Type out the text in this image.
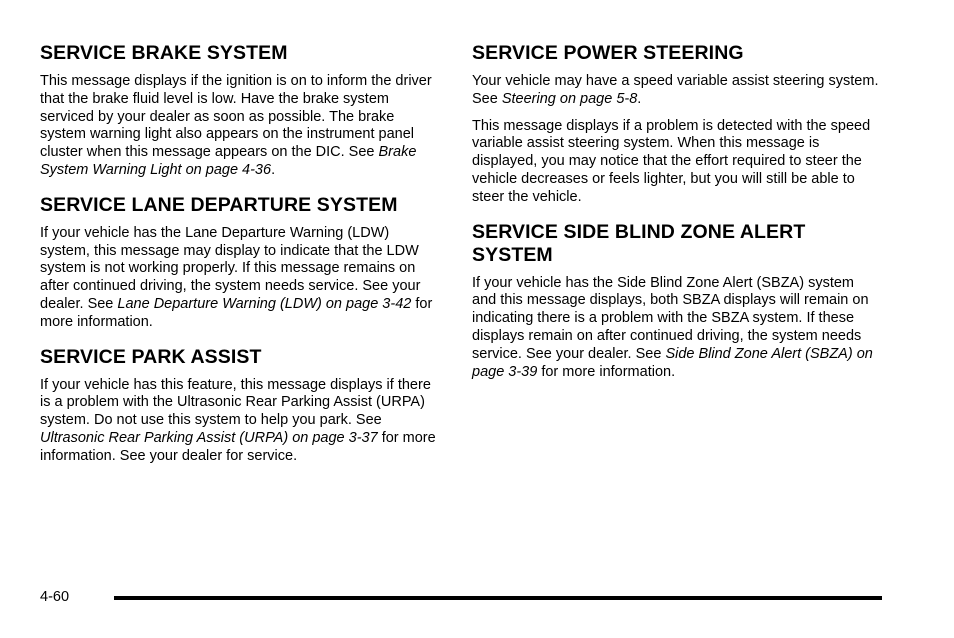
SERVICE BRAKE SYSTEM

This message displays if the ignition is on to inform the driver that the brake fluid level is low. Have the brake system serviced by your dealer as soon as possible. The brake system warning light also appears on the instrument panel cluster when this message appears on the DIC. See Brake System Warning Light on page 4-36.

SERVICE LANE DEPARTURE SYSTEM

If your vehicle has the Lane Departure Warning (LDW) system, this message may display to indicate that the LDW system is not working properly. If this message remains on after continued driving, the system needs service. See your dealer. See Lane Departure Warning (LDW) on page 3-42 for more information.

SERVICE PARK ASSIST

If your vehicle has this feature, this message displays if there is a problem with the Ultrasonic Rear Parking Assist (URPA) system. Do not use this system to help you park. See Ultrasonic Rear Parking Assist (URPA) on page 3-37 for more information. See your dealer for service.

SERVICE POWER STEERING

Your vehicle may have a speed variable assist steering system. See Steering on page 5-8.

This message displays if a problem is detected with the speed variable assist steering system. When this message is displayed, you may notice that the effort required to steer the vehicle decreases or feels lighter, but you will still be able to steer the vehicle.

SERVICE SIDE BLIND ZONE ALERT SYSTEM

If your vehicle has the Side Blind Zone Alert (SBZA) system and this message displays, both SBZA displays will remain on indicating there is a problem with the SBZA system. If these displays remain on after continued driving, the system needs service. See your dealer. See Side Blind Zone Alert (SBZA) on page 3-39 for more information.

4-60
